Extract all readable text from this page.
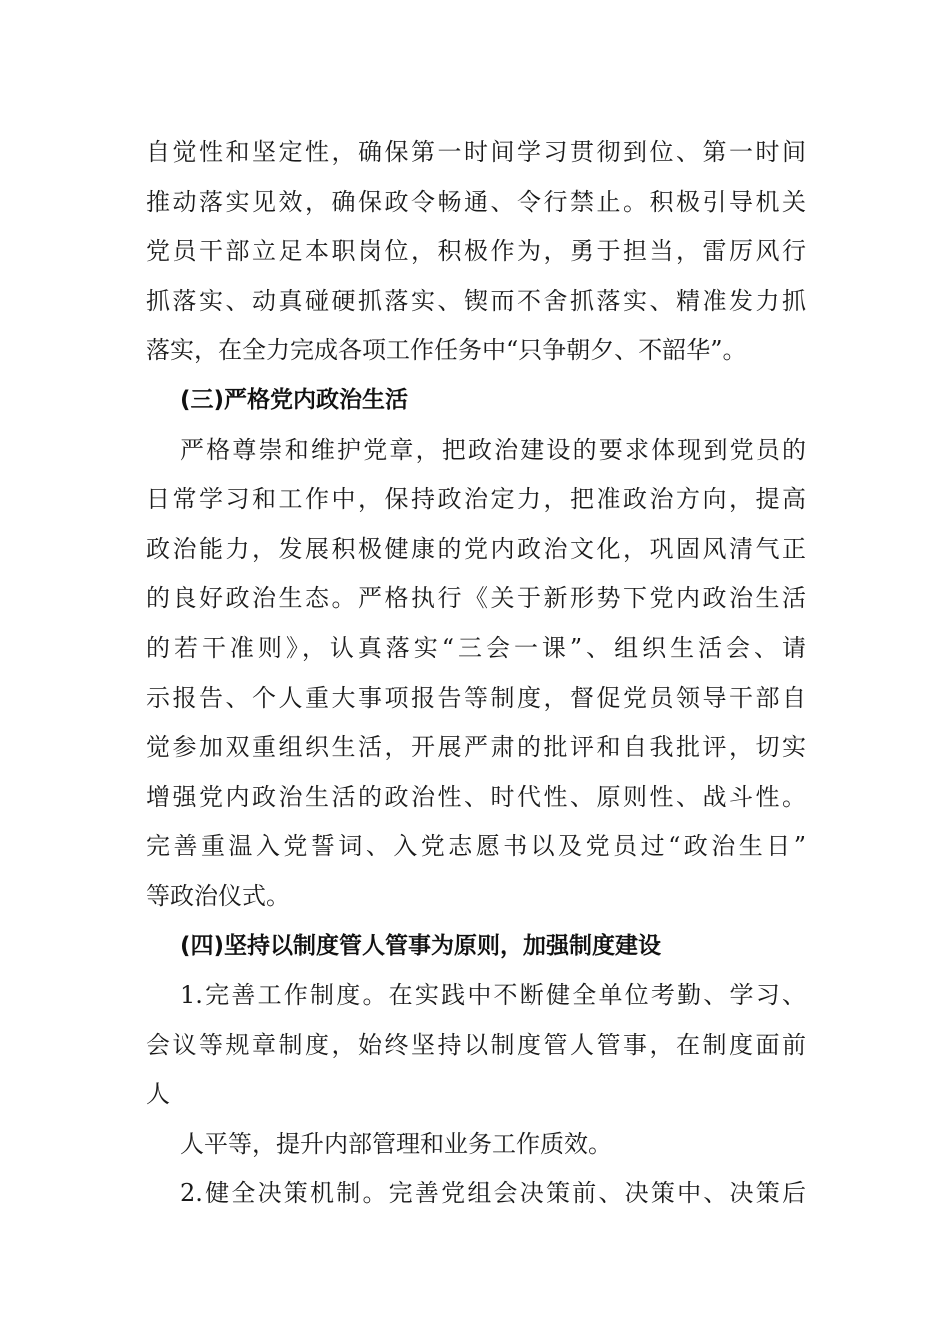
自觉性和坚定性，确保第一时间学习贯彻到位、第一时间
推动落实见效，确保政令畅通、令行禁止。积极引导机关
党员干部立足本职岗位，积极作为，勇于担当，雷厉风行
抓落实、动真碰硬抓落实、锲而不舍抓落实、精准发力抓
落实，在全力完成各项工作任务中“只争朝夕、不韶华”。
(三)严格党内政治生活
严格尊崇和维护党章，把政治建设的要求体现到党员的
日常学习和工作中，保持政治定力，把准政治方向，提高
政治能力，发展积极健康的党内政治文化，巩固风清气正
的良好政治生态。严格执行《关于新形势下党内政治生活
的若干准则》，认真落实“三会一课”、组织生活会、请
示报告、个人重大事项报告等制度，督促党员领导干部自
觉参加双重组织生活，开展严肃的批评和自我批评，切实
增强党内政治生活的政治性、时代性、原则性、战斗性。
完善重温入党誓词、入党志愿书以及党员过“政治生日”
等政治仪式。
(四)坚持以制度管人管事为原则，加强制度建设
1.完善工作制度。在实践中不断健全单位考勤、学习、
会议等规章制度，始终坚持以制度管人管事，在制度面前
人
人平等，提升内部管理和业务工作质效。
2.健全决策机制。完善党组会决策前、决策中、决策后
